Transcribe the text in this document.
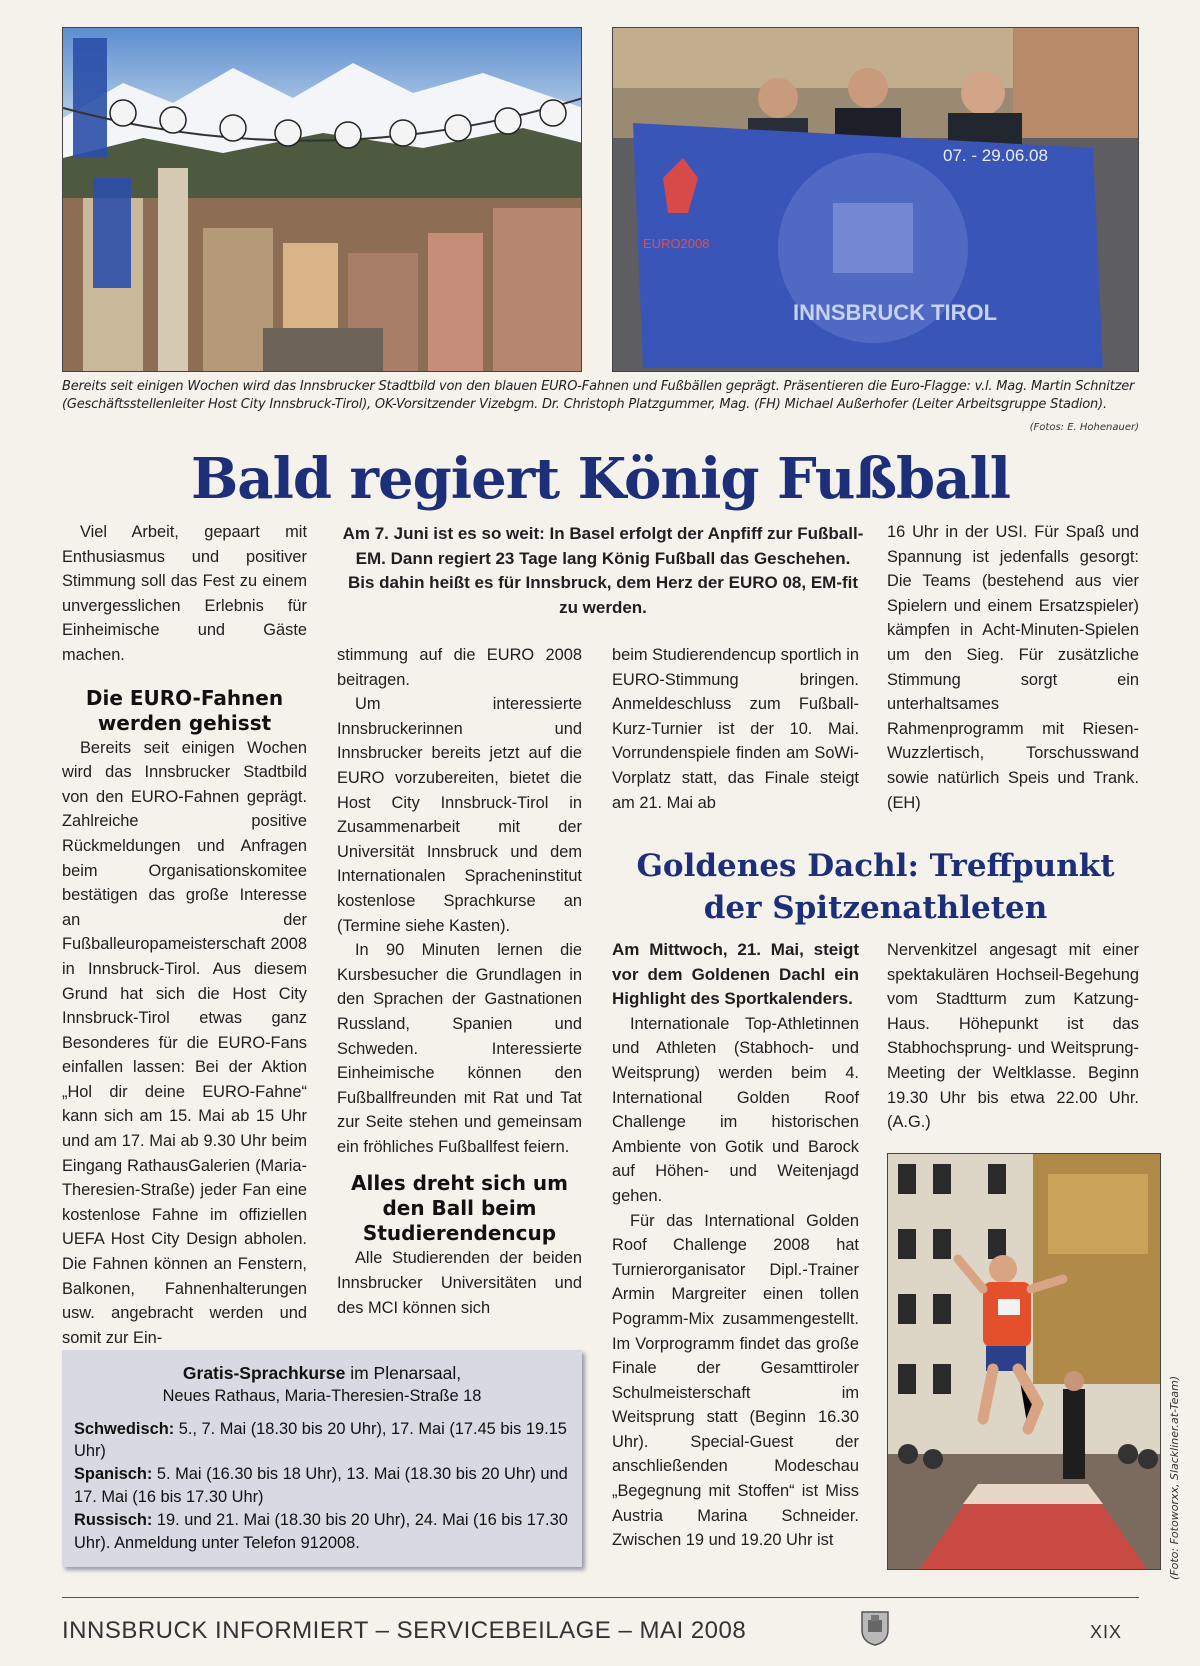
INNSBRUCK TIROL
07. - 29.06.08
EURO2008
Bereits seit einigen Wochen wird das Innsbrucker Stadtbild von den blauen EURO-Fahnen und Fußbällen geprägt. Präsentieren die Euro-Flagge: v.l. Mag. Martin Schnitzer (Geschäftsstellenleiter Host City Innsbruck-Tirol), OK-Vorsitzender Vizebgm. Dr. Christoph Platzgummer, Mag. (FH) Michael Außerhofer (Leiter Arbeitsgruppe Stadion).
(Fotos: E. Hohenauer)
Bald regiert König Fußball

Viel Arbeit, gepaart mit Enthusiasmus und positiver Stimmung soll das Fest zu einem unvergesslichen Erlebnis für Einheimische und Gäste machen.

Die EURO-Fahnen werden gehisst

Bereits seit einigen Wochen wird das Innsbrucker Stadtbild von den EURO-Fahnen geprägt. Zahlreiche positive Rückmeldungen und Anfragen beim Organisationskomitee bestätigen das große Interesse an der Fußballeuropameisterschaft 2008 in Innsbruck-Tirol. Aus diesem Grund hat sich die Host City Innsbruck-Tirol etwas ganz Besonderes für die EURO-Fans einfallen lassen: Bei der Aktion „Hol dir deine EURO-Fahne“ kann sich am 15. Mai ab 15 Uhr und am 17. Mai ab 9.30 Uhr beim Eingang RathausGalerien (Maria-Theresien-Straße) jeder Fan eine kostenlose Fahne im offiziellen UEFA Host City Design abholen. Die Fahnen können an Fenstern, Balkonen, Fahnenhalterungen usw. angebracht werden und somit zur Ein-

Am 7. Juni ist es so weit: In Basel erfolgt der Anpfiff zur Fußball-EM. Dann regiert 23 Tage lang König Fußball das Geschehen. Bis dahin heißt es für Innsbruck, dem Herz der EURO 08, EM-fit zu werden.

stimmung auf die EURO 2008 beitragen.

Um interessierte Innsbruckerinnen und Innsbrucker bereits jetzt auf die EURO vorzubereiten, bietet die Host City Innsbruck-Tirol in Zusammenarbeit mit der Universität Innsbruck und dem Internationalen Spracheninstitut kostenlose Sprachkurse an (Termine siehe Kasten).

In 90 Minuten lernen die Kursbesucher die Grundlagen in den Sprachen der Gastnationen Russland, Spanien und Schweden. Interessierte Einheimische können den Fußballfreunden mit Rat und Tat zur Seite stehen und gemeinsam ein fröhliches Fußballfest feiern.

Alles dreht sich um den Ball beim Studierendencup

Alle Studierenden der beiden Innsbrucker Universitäten und des MCI können sich

beim Studierendencup sportlich in EURO-Stimmung bringen. Anmeldeschluss zum Fußball-Kurz-Turnier ist der 10. Mai. Vorrundenspiele finden am SoWi-Vorplatz statt, das Finale steigt am 21. Mai ab

16 Uhr in der USI. Für Spaß und Spannung ist jedenfalls gesorgt: Die Teams (bestehend aus vier Spielern und einem Ersatzspieler) kämpfen in Acht-Minuten-Spielen um den Sieg. Für zusätzliche Stimmung sorgt ein unterhaltsames Rahmenprogramm mit Riesen-Wuzzlertisch, Torschusswand sowie natürlich Speis und Trank. (EH)

Goldenes Dachl: Treffpunkt der Spitzenathleten

Am Mittwoch, 21. Mai, steigt vor dem Goldenen Dachl ein Highlight des Sportkalenders.

Internationale Top-Athletinnen und Athleten (Stabhoch- und Weitsprung) werden beim 4. International Golden Roof Challenge im historischen Ambiente von Gotik und Barock auf Höhen- und Weitenjagd gehen.

Für das International Golden Roof Challenge 2008 hat Turnierorganisator Dipl.-Trainer Armin Margreiter einen tollen Pogramm-Mix zusammengestellt. Im Vorprogramm findet das große Finale der Gesamttiroler Schulmeisterschaft im Weitsprung statt (Beginn 16.30 Uhr). Special-Guest der anschließenden Modeschau „Begegnung mit Stoffen“ ist Miss Austria Marina Schneider. Zwischen 19 und 19.20 Uhr ist

Nervenkitzel angesagt mit einer spektakulären Hochseil-Begehung vom Stadtturm zum Katzung-Haus. Höhepunkt ist das Stabhochsprung- und Weitsprung-Meeting der Weltklasse. Beginn 19.30 Uhr bis etwa 22.00 Uhr. (A.G.)

(Foto: Fotoworxx, Slackliner.at-Team)
Gratis-Sprachkurse im Plenarsaal,
Neues Rathaus, Maria-Theresien-Straße 18
Schwedisch: 5., 7. Mai (18.30 bis 20 Uhr), 17. Mai (17.45 bis 19.15 Uhr)
Spanisch: 5. Mai (16.30 bis 18 Uhr), 13. Mai (18.30 bis 20 Uhr) und 17. Mai (16 bis 17.30 Uhr)
Russisch: 19. und 21. Mai (18.30 bis 20 Uhr), 24. Mai (16 bis 17.30 Uhr). Anmeldung unter Telefon 912008.
INNSBRUCK INFORMIERT – SERVICEBEILAGE – MAI 2008	XIX
